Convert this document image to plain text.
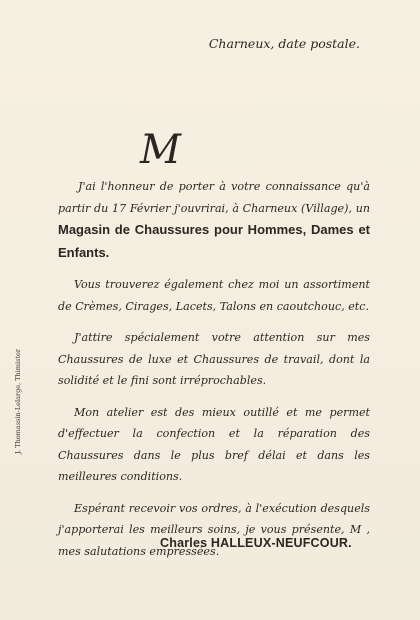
Charneux, date postale.
M

J'ai l'honneur de porter à votre connaissance qu'à partir du 17 Février j'ouvrirai, à Charneux (Village), un Magasin de Chaussures pour Hommes, Dames et Enfants.

Vous trouverez également chez moi un assortiment de Crèmes, Cirages, Lacets, Talons en caoutchouc, etc.

J'attire spécialement votre attention sur mes Chaussures de luxe et Chaussures de travail, dont la solidité et le fini sont irréprochables.

Mon atelier est des mieux outillé et me permet d'effectuer la confection et la réparation des Chaussures dans le plus bref délai et dans les meilleures conditions.

Espérant recevoir vos ordres, à l'exécution desquels j'apporterai les meilleurs soins, je vous présente, M , mes salutations empressées.

Charles HALLEUX-NEUFCOUR.
J. Thomassin-Lelarge, Thimister
